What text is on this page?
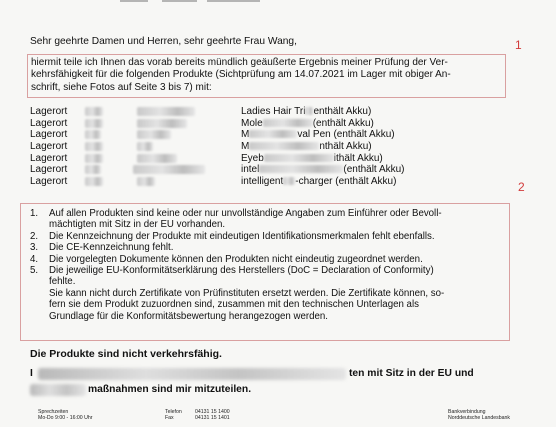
Sehr geehrte Damen und Herren, sehr geehrte Frau Wang,	1
hiermit teile ich Ihnen das vorab bereits mündlich geäußerte Ergebnis meiner Prüfung der Ver-
kehrsfähigkeit für die folgenden Produkte (Sichtprüfung am 14.07.2021 im Lager mit obiger An-
schrift, siehe Fotos auf Seite 3 bis 7) mit:
Lagerort	Ladies Hair Tri enthält Akku)
Lagerort	Mole	(enthält Akku)
Lagerort	M	val Pen (enthält Akku)
Lagerort	M	nthält Akku)
Lagerort	Eyeb	ithält Akku)
Lagerort	intel	(enthält Akku)
Lagerort	intelligent -charger (enthält Akku)	2
1. Auf allen Produkten sind keine oder nur unvollständige Angaben zum Einführer oder Bevoll-
mächtigten mit Sitz in der EU vorhanden.
2. Die Kennzeichnung der Produkte mit eindeutigen Identifikationsmerkmalen fehlt ebenfalls.
3. Die CE-Kennzeichnung fehlt.
4. Die vorgelegten Dokumente können den Produkten nicht eindeutig zugeordnet werden.
5. Die jeweilige EU-Konformitätserklärung des Herstellers (DoC = Declaration of Conformity)
fehlte.
Sie kann nicht durch Zertifikate von Prüfinstituten ersetzt werden. Die Zertifikate können, so-
fern sie dem Produkt zuzuordnen sind, zusammen mit den technischen Unterlagen als
Grundlage für die Konformitätsbewertung herangezogen werden.
Die Produkte sind nicht verkehrsfähig.
I	ten mit Sitz in der EU und
maßnahmen sind mir mitzuteilen.
Sprechzeiten
Mo-Do 9:00 - 16:00 Uhr
Telefon	04131 15 1400
Fax	04131 15 1401
Bankverbindung
Norddeutsche Landesbank
